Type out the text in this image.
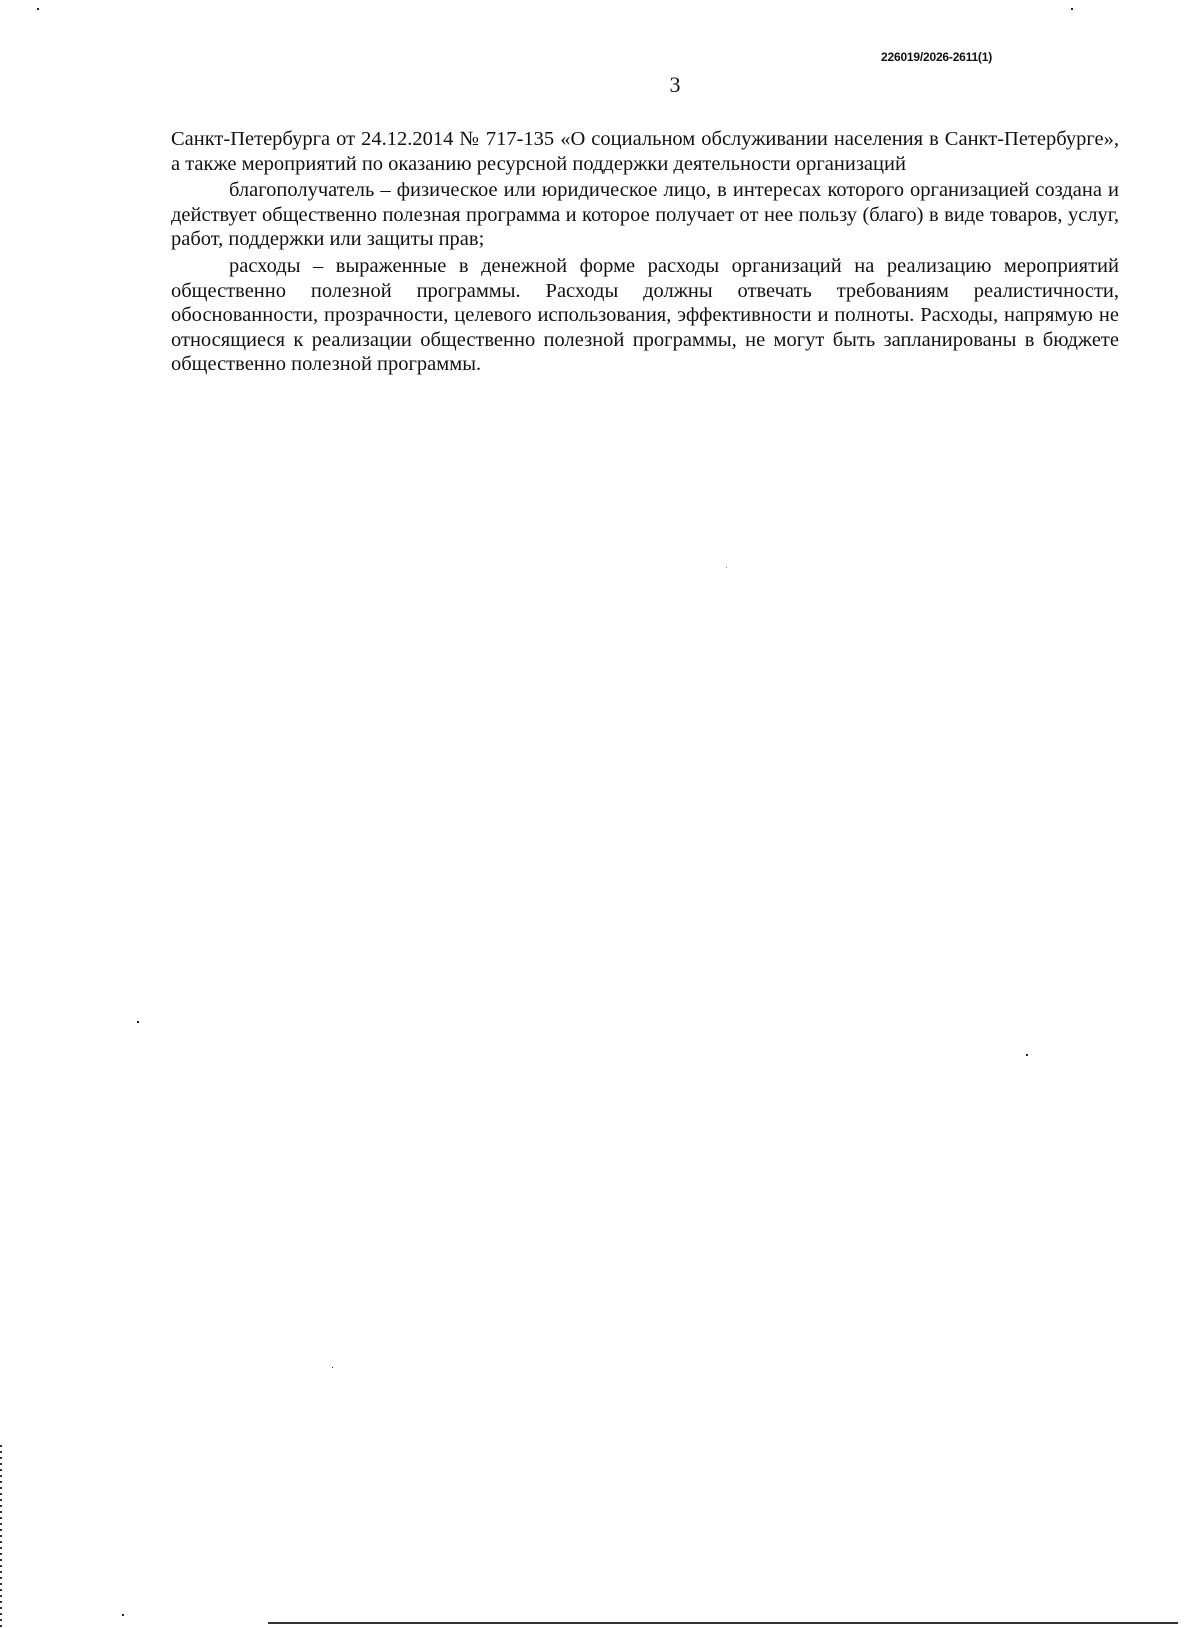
226019/2026-2611(1)
3

Санкт-Петербурга от 24.12.2014 № 717-135 «О социальном обслуживании населения в Санкт-Петербурге», а также мероприятий по оказанию ресурсной поддержки деятельности организаций

благополучатель – физическое или юридическое лицо, в интересах которого организацией создана и действует общественно полезная программа и которое получает от нее пользу (благо) в виде товаров, услуг, работ, поддержки или защиты прав;

расходы – выраженные в денежной форме расходы организаций на реализацию мероприятий общественно полезной программы. Расходы должны отвечать требованиям реалистичности, обоснованности, прозрачности, целевого использования, эффективности и полноты. Расходы, напрямую не относящиеся к реализации общественно полезной программы, не могут быть запланированы в бюджете общественно полезной программы.
